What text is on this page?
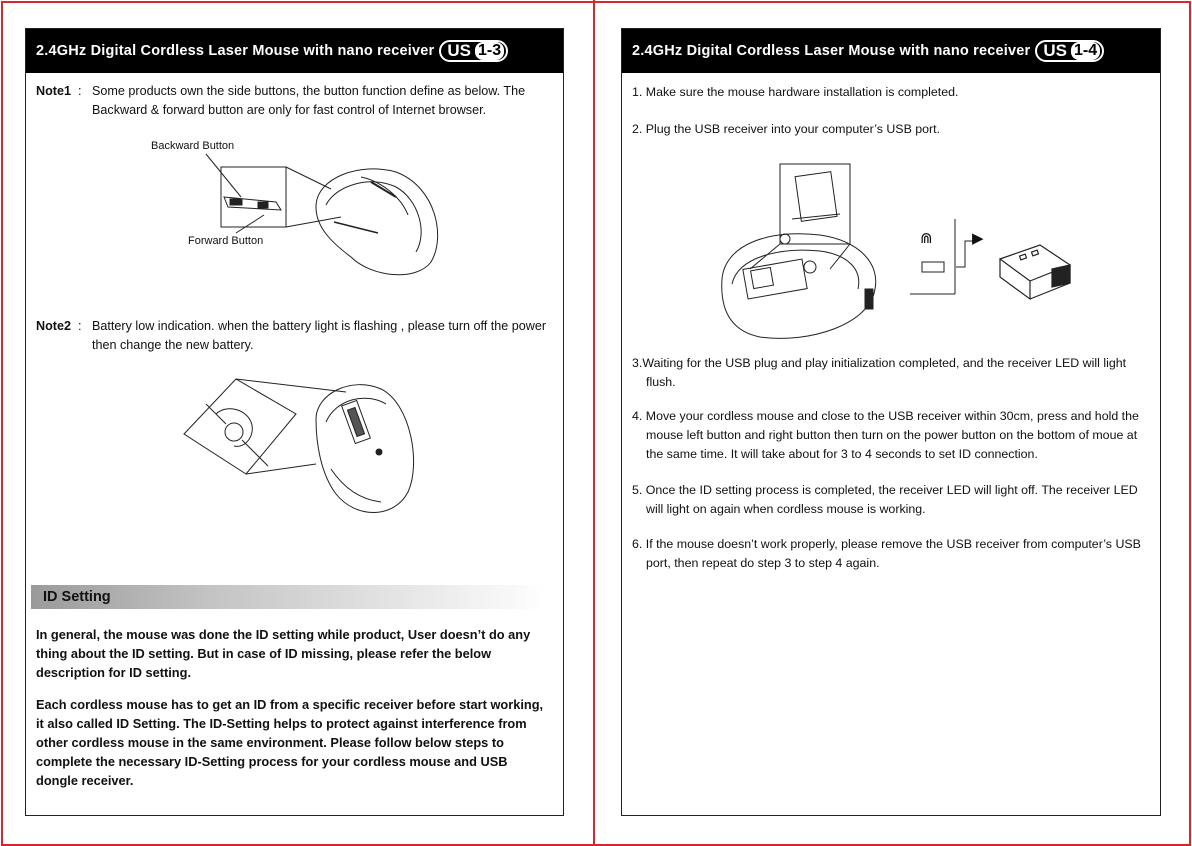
2.4GHz Digital Cordless Laser Mouse with nano receiver US 1-3
Note1 : Some products own the side buttons, the button function define as below. The Backward & forward button are only for fast control of Internet browser.
Backward Button
Forward Button
Note2 : Battery low indication. when the battery light is flashing , please turn off the power then change the new battery.
ID Setting
In general, the mouse was done the ID setting while product, User doesn’t do any thing about the ID setting. But in case of ID missing, please refer the below description for ID setting.
Each cordless mouse has to get an ID from a specific receiver before start working, it also called ID Setting. The ID-Setting helps to protect against interference from other cordless mouse in the same environment. Please follow below steps to complete the necessary ID-Setting process for your cordless mouse and USB dongle receiver.
2.4GHz Digital Cordless Laser Mouse with nano receiver US 1-4
1. Make sure the mouse hardware installation is completed.
2. Plug the USB receiver into your computer’s USB port.
3.Waiting for the USB plug and play initialization completed, and the receiver LED will light flush.
4. Move your cordless mouse and close to the USB receiver within 30cm, press and hold the mouse left button and right button then turn on the power button on the bottom of moue at the same time. It will take about for 3 to 4 seconds to set ID connection.
5. Once the ID setting process is completed, the receiver LED will light off. The receiver LED will light on again when cordless mouse is working.
6. If the mouse doesn’t work properly, please remove the USB receiver from computer’s USB port, then repeat do step 3 to step 4 again.
⋒	▶
